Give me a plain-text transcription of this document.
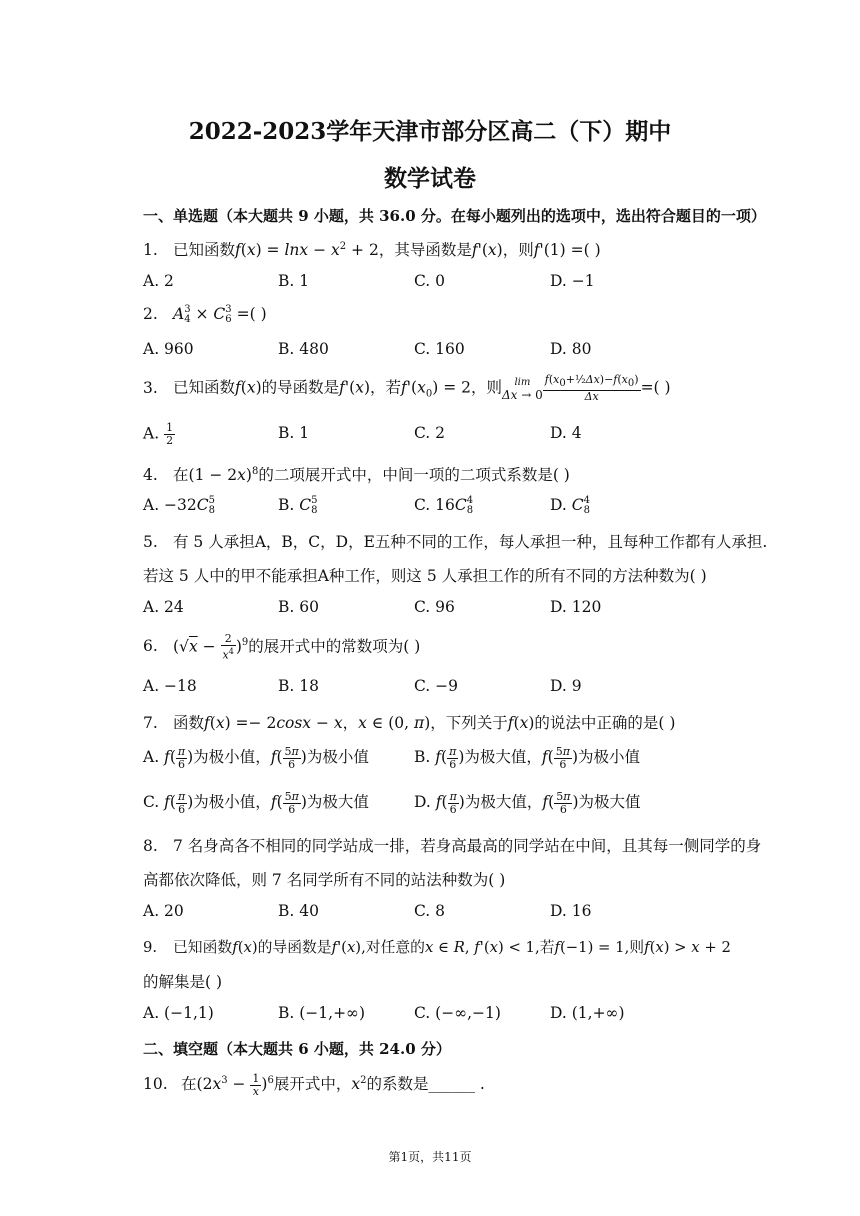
2022-2023学年天津市部分区高二（下）期中
数学试卷
一、单选题（本大题共 9 小题，共 36.0 分。在每小题列出的选项中，选出符合题目的一项）
1. 已知函数$f(x) = \ln x - x^2 + 2$，其导函数是f'(x)，则f'(1) =( )
A. 2	B. 1	C. 0	D. −1
2. A3
4 × C3
6 =( )
A. 960	B. 480	C. 160	D. 80
3. 已知函数f(x)的导函数是f'(x)，若$f'(x_0) = 2$，则	lim
$\Delta x \to 0 \frac{f(x_0+\frac{1}{2}\Delta x)-f(x_0)}{\Delta x}$ =( )
A. $\frac{1}{2}$	B. 1	C. 2	D. 4
4. 在$(1 - 2x)^8$的二项展开式中，中间一项的二项式系数是( )
A. −32C5
8	B. C5
8	C. 16C4
8	D. C4
8
5. 有 5 人承担A，B，C，D，E五种不同的工作，每人承担一种，且每种工作都有人承担.
若这 5 人中的甲不能承担A种工作，则这 5 人承担工作的所有不同的方法种数为( )
A. 24	B. 60	C. 96	D. 120
6. $(√x - \frac{2}{x^4} )^9$的展开式中的常数项为( )
A. −18	B. 18	C. −9	D. 9
7. 函数f(x) =− 2cosx − x，x ∈ (0, π)，下列关于f(x)的说法中正确的是( )
A. $f( \frac{\pi}{6}$ )为极小值，$f( \frac{5\pi}{6}$ )为极小值	B. $f( \frac{\pi}{6}$ )为极大值，$f( \frac{5\pi}{6}$ )为极小值
C. $f( \frac{\pi}{6}$ )为极小值，$f( \frac{5\pi}{6}$ )为极大值	D. $f( \frac{\pi}{6}$ )为极大值，$f( \frac{5\pi}{6}$ )为极大值
8. 7 名身高各不相同的同学站成一排，若身高最高的同学站在中间，且其每一侧同学的身
高都依次降低，则 7 名同学所有不同的站法种数为( )
A. 20	B. 40	C. 8	D. 16
9. 已知函数f(x)的导函数是f'(x),对任意的x ∈ R, f'(x) < 1,若f(−1) = 1,则f(x) > x + 2
的解集是( )
A. (−1,1)	B. (−1,+∞)	C. (−∞,−1)	D. (1,+∞)
二、填空题（本大题共 6 小题，共 24.0 分）
10. 在$(2x^3 - \frac{1}{x} )^6$展开式中，$x^2$的系数是______ .
第1页，共11页
